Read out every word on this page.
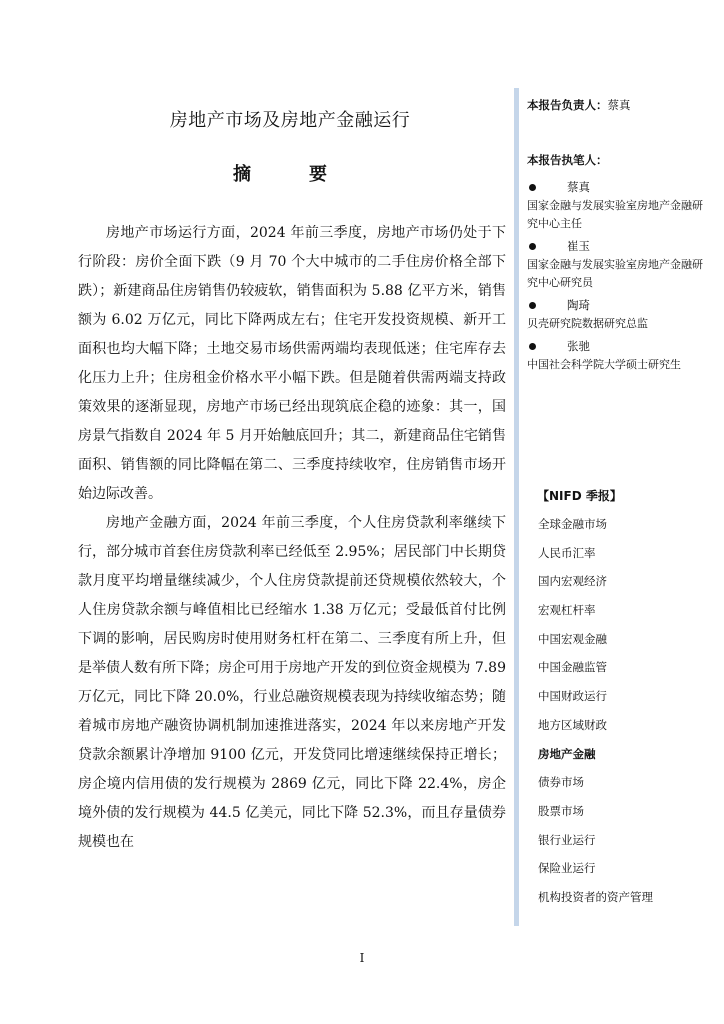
房地产市场及房地产金融运行
摘　要

房地产市场运行方面，2024 年前三季度，房地产市场仍处于下行阶段：房价全面下跌（9 月 70 个大中城市的二手住房价格全部下跌）；新建商品住房销售仍较疲软，销售面积为 5.88 亿平方米，销售额为 6.02 万亿元，同比下降两成左右；住宅开发投资规模、新开工面积也均大幅下降；土地交易市场供需两端均表现低迷；住宅库存去化压力上升；住房租金价格水平小幅下跌。但是随着供需两端支持政策效果的逐渐显现，房地产市场已经出现筑底企稳的迹象：其一，国房景气指数自 2024 年 5 月开始触底回升；其二，新建商品住宅销售面积、销售额的同比降幅在第二、三季度持续收窄，住房销售市场开始边际改善。

房地产金融方面，2024 年前三季度，个人住房贷款利率继续下行，部分城市首套住房贷款利率已经低至 2.95%；居民部门中长期贷款月度平均增量继续减少，个人住房贷款提前还贷规模依然较大，个人住房贷款余额与峰值相比已经缩水 1.38 万亿元；受最低首付比例下调的影响，居民购房时使用财务杠杆在第二、三季度有所上升，但是举债人数有所下降；房企可用于房地产开发的到位资金规模为 7.89 万亿元，同比下降 20.0%，行业总融资规模表现为持续收缩态势；随着城市房地产融资协调机制加速推进落实，2024 年以来房地产开发贷款余额累计净增加 9100 亿元，开发贷同比增速继续保持正增长；房企境内信用债的发行规模为 2869 亿元，同比下降 22.4%，房企境外债的发行规模为 44.5 亿美元，同比下降 52.3%，而且存量债券规模也在

本报告负责人：蔡真

本报告执笔人：

蔡真
国家金融与发展实验室房地产金融研究中心主任
崔玉
国家金融与发展实验室房地产金融研究中心研究员
陶琦
贝壳研究院数据研究总监
张驰
中国社会科学院大学硕士研究生

【NIFD 季报】

全球金融市场
人民币汇率
国内宏观经济
宏观杠杆率
中国宏观金融
中国金融监管
中国财政运行
地方区域财政
房地产金融
债券市场
股票市场
银行业运行
保险业运行
机构投资者的资产管理
I
